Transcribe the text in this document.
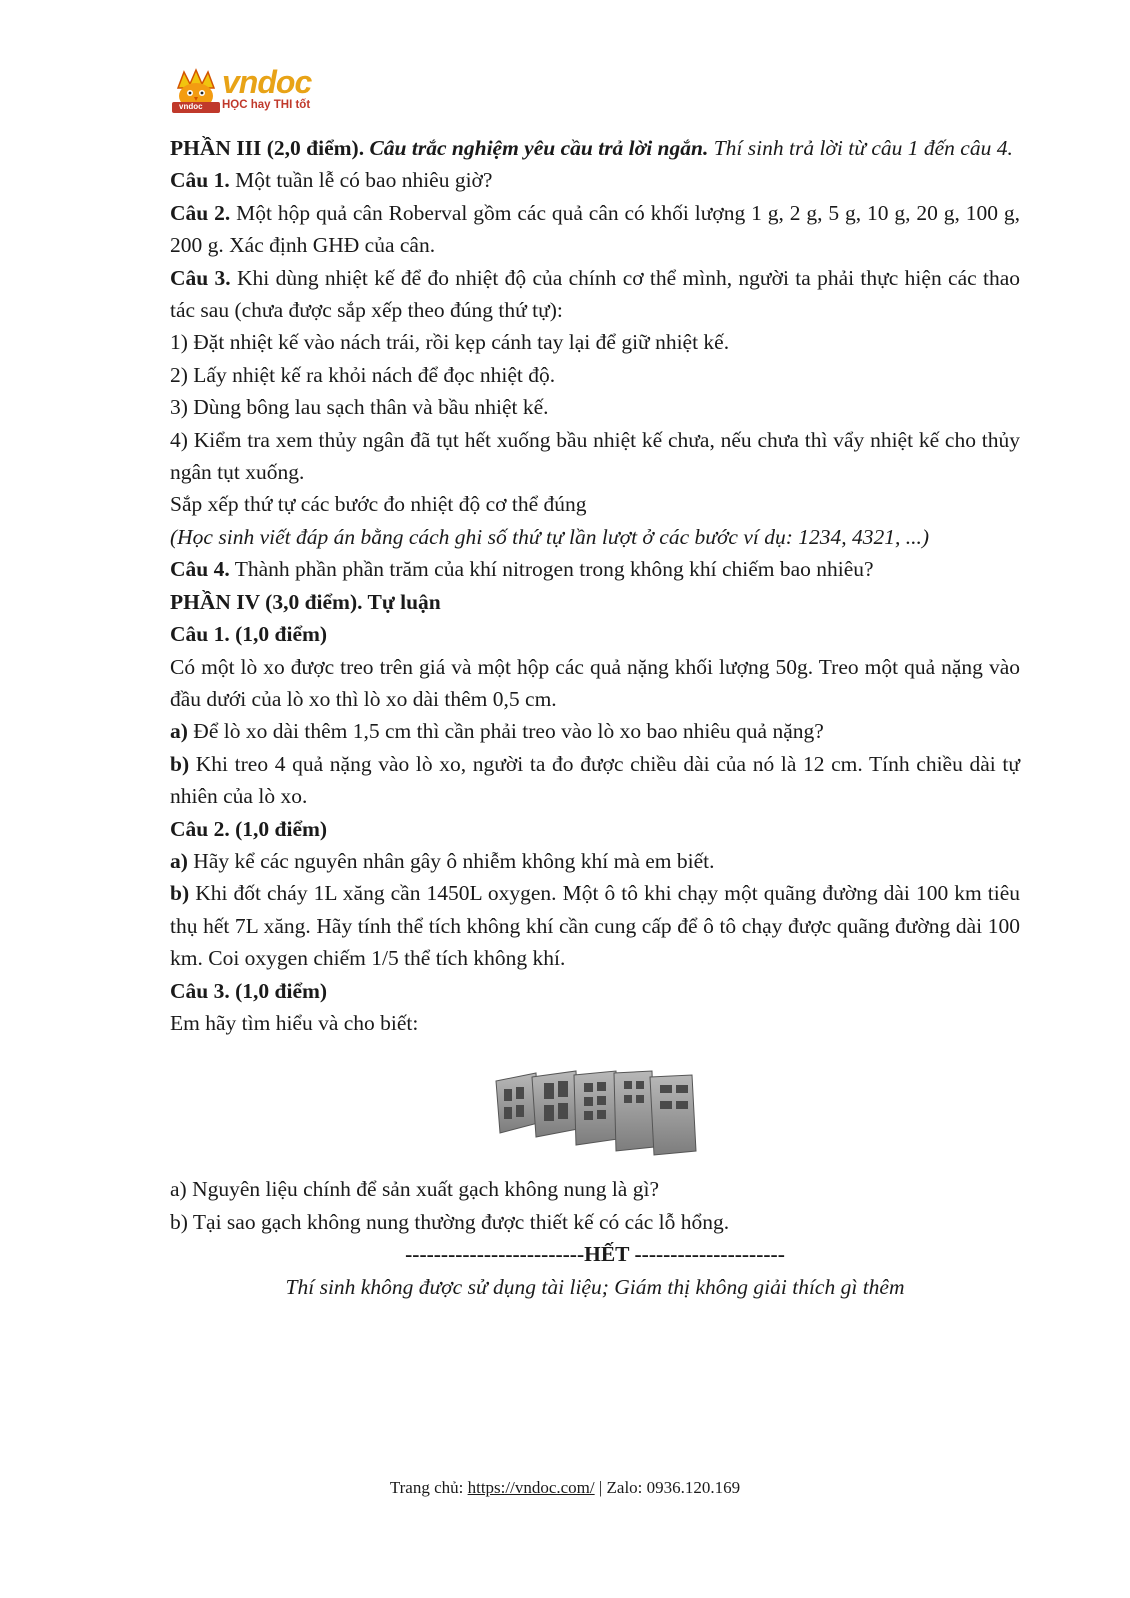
vndoc
vndoc
HỌC hay THI tốt

PHẦN III (2,0 điểm). Câu trắc nghiệm yêu cầu trả lời ngắn. Thí sinh trả lời từ câu 1 đến câu 4.

Câu 1. Một tuần lễ có bao nhiêu giờ?

Câu 2. Một hộp quả cân Roberval gồm các quả cân có khối lượng 1 g, 2 g, 5 g, 10 g, 20 g, 100 g, 200 g. Xác định GHĐ của cân.

Câu 3. Khi dùng nhiệt kế để đo nhiệt độ của chính cơ thể mình, người ta phải thực hiện các thao tác sau (chưa được sắp xếp theo đúng thứ tự):

1) Đặt nhiệt kế vào nách trái, rồi kẹp cánh tay lại để giữ nhiệt kế.

2) Lấy nhiệt kế ra khỏi nách để đọc nhiệt độ.

3) Dùng bông lau sạch thân và bầu nhiệt kế.

4) Kiểm tra xem thủy ngân đã tụt hết xuống bầu nhiệt kế chưa, nếu chưa thì vẩy nhiệt kế cho thủy ngân tụt xuống.

Sắp xếp thứ tự các bước đo nhiệt độ cơ thể đúng

(Học sinh viết đáp án bằng cách ghi số thứ tự lần lượt ở các bước ví dụ: 1234, 4321, ...)

Câu 4. Thành phần phần trăm của khí nitrogen trong không khí chiếm bao nhiêu?

PHẦN IV (3,0 điểm). Tự luận

Câu 1. (1,0 điểm)

Có một lò xo được treo trên giá và một hộp các quả nặng khối lượng 50g. Treo một quả nặng vào đầu dưới của lò xo thì lò xo dài thêm 0,5 cm.

a) Để lò xo dài thêm 1,5 cm thì cần phải treo vào lò xo bao nhiêu quả nặng?

b) Khi treo 4 quả nặng vào lò xo, người ta đo được chiều dài của nó là 12 cm. Tính chiều dài tự nhiên của lò xo.

Câu 2. (1,0 điểm)

a) Hãy kể các nguyên nhân gây ô nhiễm không khí mà em biết.

b) Khi đốt cháy 1L xăng cần 1450L oxygen. Một ô tô khi chạy một quãng đường dài 100 km tiêu thụ hết 7L xăng. Hãy tính thể tích không khí cần cung cấp để ô tô chạy được quãng đường dài 100 km. Coi oxygen chiếm 1/5 thể tích không khí.

Câu 3. (1,0 điểm)

Em hãy tìm hiểu và cho biết:

a) Nguyên liệu chính để sản xuất gạch không nung là gì?

b) Tại sao gạch không nung thường được thiết kế có các lỗ hổng.

-------------------------HẾT ---------------------

Thí sinh không được sử dụng tài liệu; Giám thị không giải thích gì thêm

Trang chủ: https://vndoc.com/ | Zalo: 0936.120.169
